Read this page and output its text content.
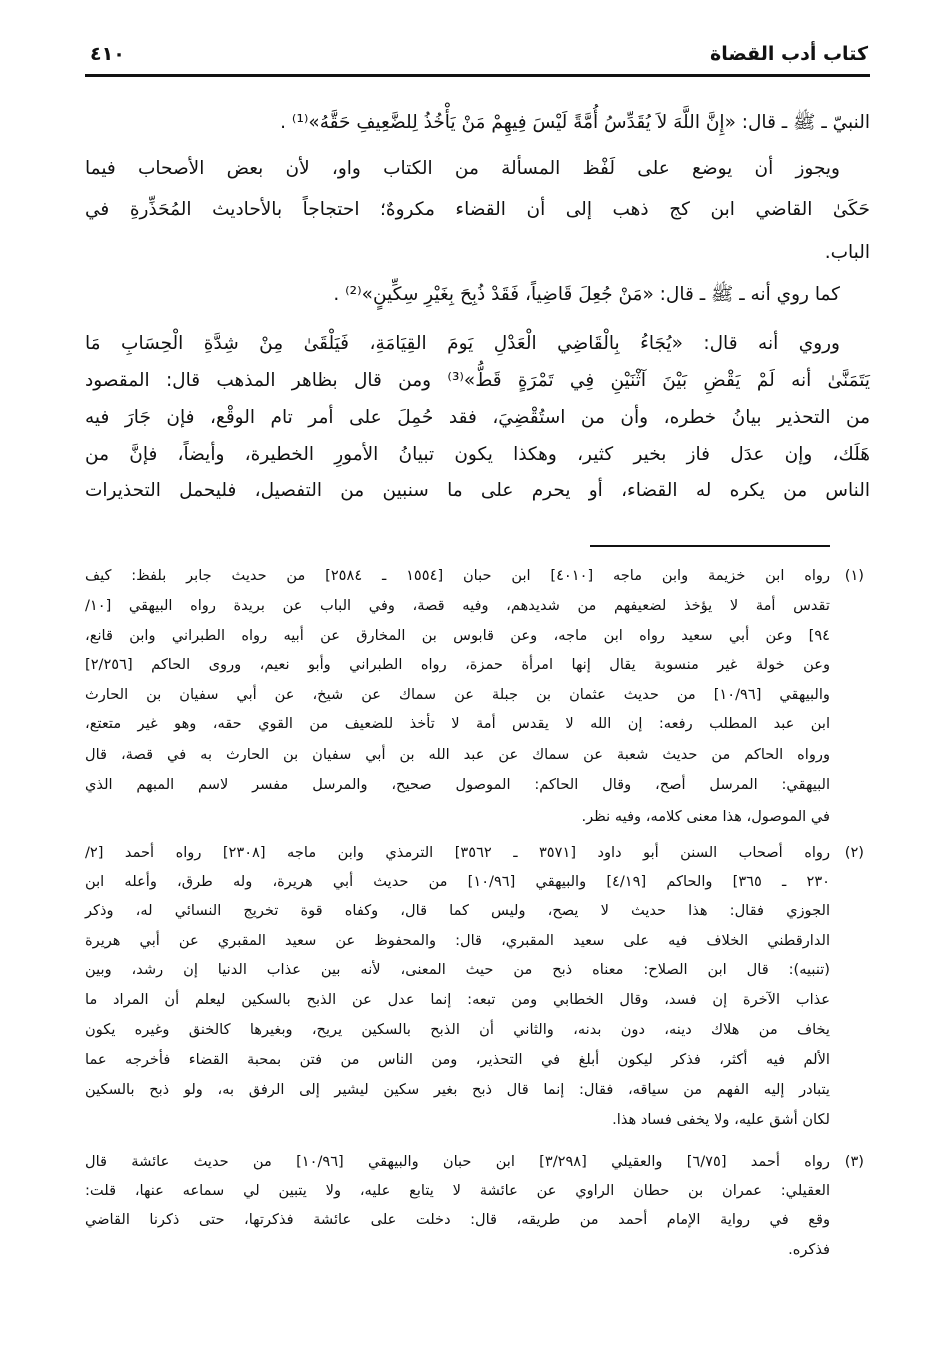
كتاب أدب القضاة
٤١٠
النبيّ ـ ﷺ ـ قال: «إِنَّ اللَّهَ لاَ يُقَدِّسُ أُمَّةً لَيْسَ فِيهِمْ مَنْ يَأْخُذُ لِلضَّعِيفِ حَقَّهُ»⁽¹⁾ .
ويجوز أن يوضع على لَفْظ المسألة من الكتاب واو، لأن بعض الأصحاب فيما
حَكَىٰ القاضي ابن كج ذهب إلى أن القضاء مكروهٌ؛ احتجاجاً بالأحاديث المُحَذِّرةِ في
الباب.
كما روي أنه ـ ﷺ ـ قال: «مَنْ جُعِلَ قَاضِياً، فَقَدْ ذُبِحَ بِغَيْرِ سِكِّينٍ»⁽²⁾ .
وروي أنه قال: «يُجَاءُ بِالْقَاضِي الْعَدْلِ يَومَ القِيَامَةِ، فَيَلْقَىٰ مِنْ شِدَّةِ الْحِسَابِ مَا
يَتَمَنَّىٰ أنه لَمْ يَقْضِ بَيْنَ آثْنَيْنِ فِي تَمْرَةٍ قَطُّ»⁽³⁾ ومن قال بظاهر المذهب قال: المقصود
من التحذير بيانُ خطره، وأن من استُقْضِيَ، فقد حُمِلَ على أمر تام الوقْع، فإن جَارَ فيه
هَلَك، وإن عدَل فاز بخير كثير، وهكذا يكون تبيانُ الأمورِ الخطيرة، وأيضاً، فإنَّ من
الناس من يكره له القضاء، أو يحرم على ما سنبين من التفصيل، فليحمل التحذيرات
(١)
رواه ابن خزيمة وابن ماجه [٤٠١٠] ابن حبان [١٥٥٤ ـ ٢٥٨٤] من حديث جابر بلفظ: كيف
تقدس أمة لا يؤخذ لضعيفهم من شديدهم، وفيه قصة، وفي الباب عن بريدة رواه البيهقي [١٠/
٩٤] وعن أبي سعيد رواه ابن ماجه، وعن قابوس بن المخارق عن أبيه رواه الطبراني وابن قانع،
وعن خولة غير منسوبة يقال إنها امرأة حمزة، رواه الطبراني وأبو نعيم، وروى الحاكم [٢/٢٥٦]
والبيهقي [١٠/٩٦] من حديث عثمان بن جبلة عن سماك عن شيخ، عن أبي سفيان بن الحارث
ابن عبد المطلب رفعه: إن الله لا يقدس أمة لا تأخذ للضعيف من القوي حقه، وهو غير متعتع،
ورواه الحاكم من حديث شعبة عن سماك عن عبد الله بن أبي سفيان بن الحارث به في قصة، قال
البيهقي: المرسل أصح، وقال الحاكم: الموصول صحيح، والمرسل مفسر لاسم المبهم الذي
في الموصول، هذا معنى كلامه، وفيه نظر.
(٢)
رواه أصحاب السنن أبو داود [٣٥٧١ ـ ٣٥٦٢] الترمذي وابن ماجه [٢٣٠٨] رواه أحمد [٢/
٢٣٠ ـ ٣٦٥] والحاكم [٤/١٩] والبيهقي [١٠/٩٦] من حديث أبي هريرة، وله طرق، وأعله ابن
الجوزي فقال: هذا حديث لا يصح، وليس كما قال، وكفاه قوة تخريج النسائي له، وذكر
الدارقطني الخلاف فيه على سعيد المقبري، قال: والمحفوظ عن سعيد المقبري عن أبي هريرة
(تنبيه): قال ابن الصلاح: معناه ذبح من حيث المعنى، لأنه بين عذاب الدنيا إن رشد، وبين
عذاب الآخرة إن فسد، وقال الخطابي ومن تبعه: إنما عدل عن الذبح بالسكين ليعلم أن المراد ما
يخاف من هلاك دينه، دون بدنه، والثاني أن الذبح بالسكين يريح، وبغيرها كالخنق وغيره يكون
الألم فيه أكثر، فذكر ليكون أبلغ في التحذير، ومن الناس من فتن بمحبة القضاء فأخرجه عما
يتبادر إليه الفهم من سياقه، فقال: إنما قال ذبح بغير سكين ليشير إلى الرفق به، ولو ذبح بالسكين
لكان أشق عليه، ولا يخفى فساد هذا.
(٣)
رواه أحمد [٦/٧٥] والعقيلي [٣/٢٩٨] ابن حبان والبيهقي [١٠/٩٦] من حديث عائشة قال
العقيلي: عمران بن حطان الراوي عن عائشة لا يتابع عليه، ولا يتبين لي سماعه عنها، قلت:
وقع في رواية الإمام أحمد من طريقه، قال: دخلت على عائشة فذكرتها، حتى ذكرنا القاضي
فذكره.
